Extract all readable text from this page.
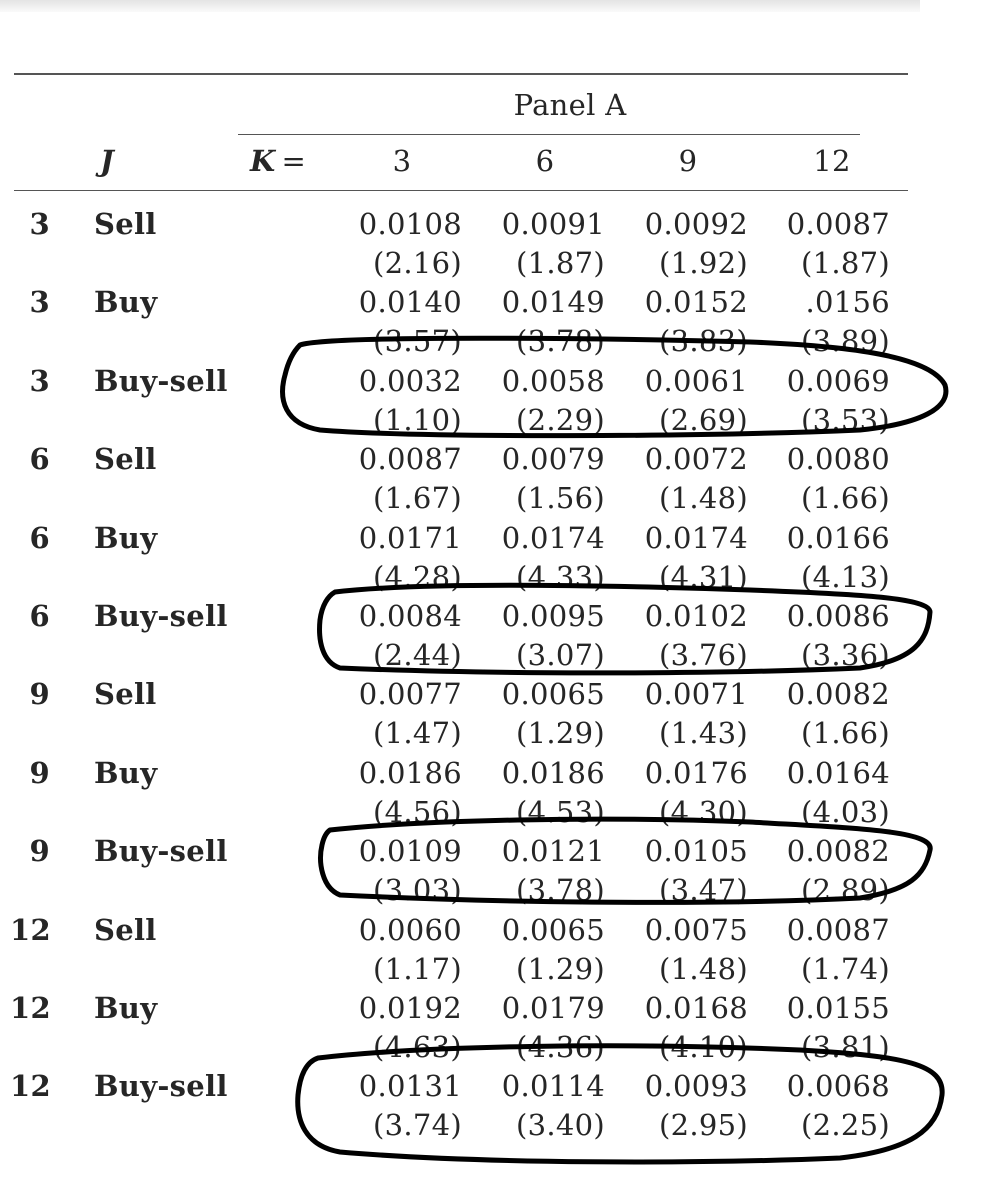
Panel A
J	K =	3	6	9	12
3 Sell	0.0108	0.0091	0.0092	0.0087
(2.16)	(1.87)	(1.92)	(1.87)
3 Buy	0.0140	0.0149	0.0152	.0156
(3.57)	(3.78)	(3.83)	(3.89)
3 Buy-sell	0.0032	0.0058	0.0061	0.0069
(1.10)	(2.29)	(2.69)	(3.53)
6 Sell	0.0087	0.0079	0.0072	0.0080
(1.67)	(1.56)	(1.48)	(1.66)
6 Buy	0.0171	0.0174	0.0174	0.0166
(4.28)	(4.33)	(4.31)	(4.13)
6 Buy-sell	0.0084	0.0095	0.0102	0.0086
(2.44)	(3.07)	(3.76)	(3.36)
9 Sell	0.0077	0.0065	0.0071	0.0082
(1.47)	(1.29)	(1.43)	(1.66)
9 Buy	0.0186	0.0186	0.0176	0.0164
(4.56)	(4.53)	(4.30)	(4.03)
9 Buy-sell	0.0109	0.0121	0.0105	0.0082
(3.03)	(3.78)	(3.47)	(2.89)
12 Sell	0.0060	0.0065	0.0075	0.0087
(1.17)	(1.29)	(1.48)	(1.74)
12 Buy	0.0192	0.0179	0.0168	0.0155
(4.63)	(4.36)	(4.10)	(3.81)
12 Buy-sell	0.0131	0.0114	0.0093	0.0068
(3.74)	(3.40)	(2.95)	(2.25)
